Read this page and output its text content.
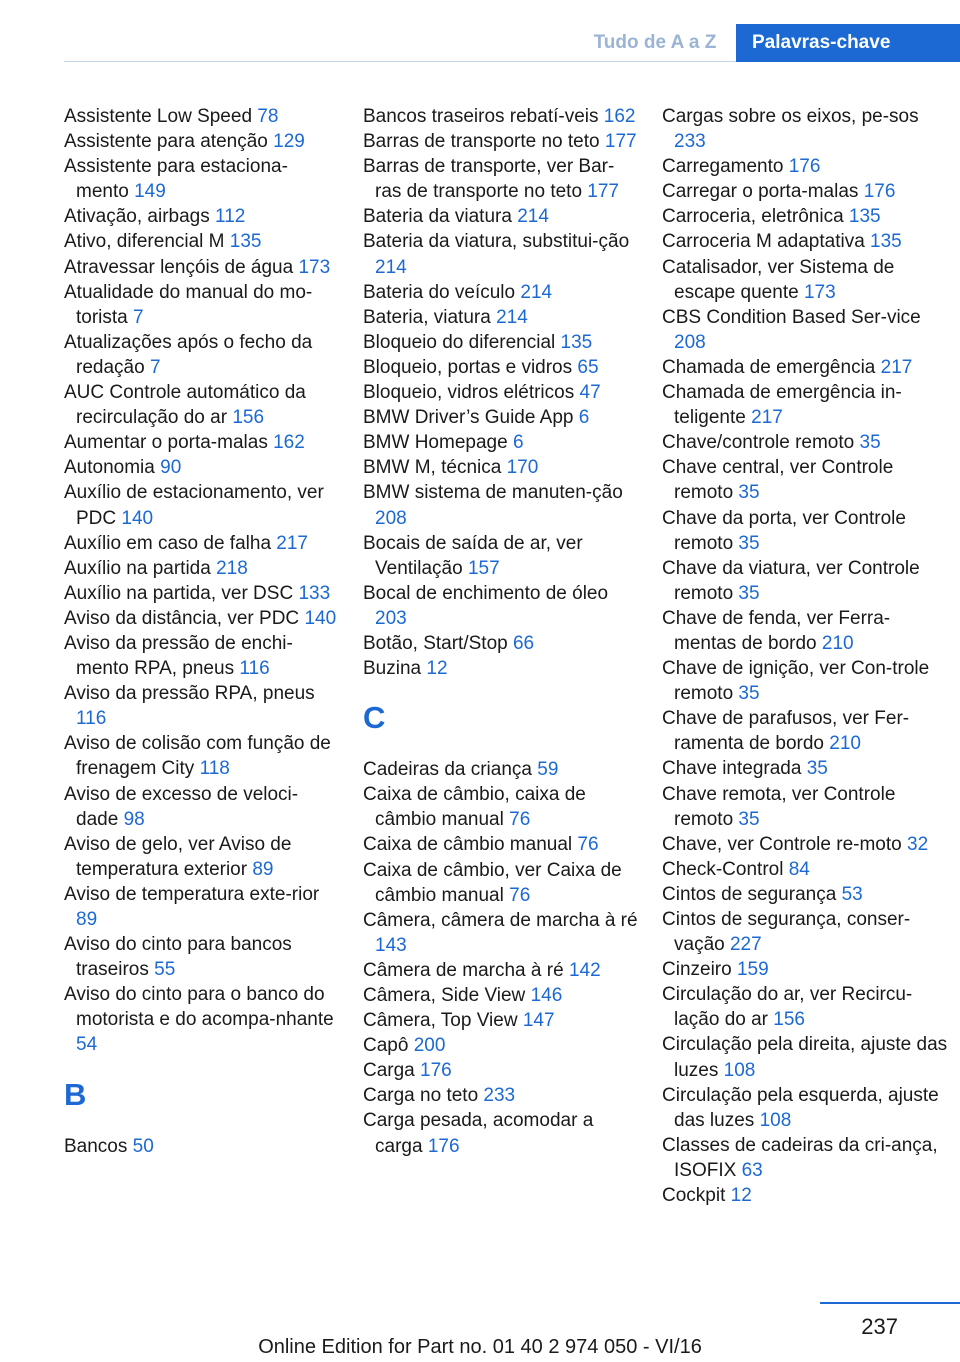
Tudo de A a Z	Palavras-chave
Assistente Low Speed 78
Assistente para atenção 129
Assistente para estaciona-mento 149
Ativação, airbags 112
Ativo, diferencial M 135
Atravessar lençóis de água 173
Atualidade do manual do mo-torista 7
Atualizações após o fecho da redação 7
AUC Controle automático da recirculação do ar 156
Aumentar o porta-malas 162
Autonomia 90
Auxílio de estacionamento, ver PDC 140
Auxílio em caso de falha 217
Auxílio na partida 218
Auxílio na partida, ver DSC 133
Aviso da distância, ver PDC 140
Aviso da pressão de enchi-mento RPA, pneus 116
Aviso da pressão RPA, pneus 116
Aviso de colisão com função de frenagem City 118
Aviso de excesso de veloci-dade 98
Aviso de gelo, ver Aviso de temperatura exterior 89
Aviso de temperatura exte-rior 89
Aviso do cinto para bancos traseiros 55
Aviso do cinto para o banco do motorista e do acompa-nhante 54
B
Bancos 50
Bancos traseiros rebatí-veis 162
Barras de transporte no teto 177
Barras de transporte, ver Bar-ras de transporte no teto 177
Bateria da viatura 214
Bateria da viatura, substitui-ção 214
Bateria do veículo 214
Bateria, viatura 214
Bloqueio do diferencial 135
Bloqueio, portas e vidros 65
Bloqueio, vidros elétricos 47
BMW Driver’s Guide App 6
BMW Homepage 6
BMW M, técnica 170
BMW sistema de manuten-ção 208
Bocais de saída de ar, ver Ventilação 157
Bocal de enchimento de óleo 203
Botão, Start/Stop 66
Buzina 12
C
Cadeiras da criança 59
Caixa de câmbio, caixa de câmbio manual 76
Caixa de câmbio manual 76
Caixa de câmbio, ver Caixa de câmbio manual 76
Câmera, câmera de marcha à ré 143
Câmera de marcha à ré 142
Câmera, Side View 146
Câmera, Top View 147
Capô 200
Carga 176
Carga no teto 233
Carga pesada, acomodar a carga 176
Cargas sobre os eixos, pe-sos 233
Carregamento 176
Carregar o porta-malas 176
Carroceria, eletrônica 135
Carroceria M adaptativa 135
Catalisador, ver Sistema de escape quente 173
CBS Condition Based Ser-vice 208
Chamada de emergência 217
Chamada de emergência in-teligente 217
Chave/controle remoto 35
Chave central, ver Controle remoto 35
Chave da porta, ver Controle remoto 35
Chave da viatura, ver Controle remoto 35
Chave de fenda, ver Ferra-mentas de bordo 210
Chave de ignição, ver Con-trole remoto 35
Chave de parafusos, ver Fer-ramenta de bordo 210
Chave integrada 35
Chave remota, ver Controle remoto 35
Chave, ver Controle re-moto 32
Check-Control 84
Cintos de segurança 53
Cintos de segurança, conser-vação 227
Cinzeiro 159
Circulação do ar, ver Recircu-lação do ar 156
Circulação pela direita, ajuste das luzes 108
Circulação pela esquerda, ajuste das luzes 108
Classes de cadeiras da cri-ança, ISOFIX 63
Cockpit 12
237
Online Edition for Part no. 01 40 2 974 050 - VI/16
